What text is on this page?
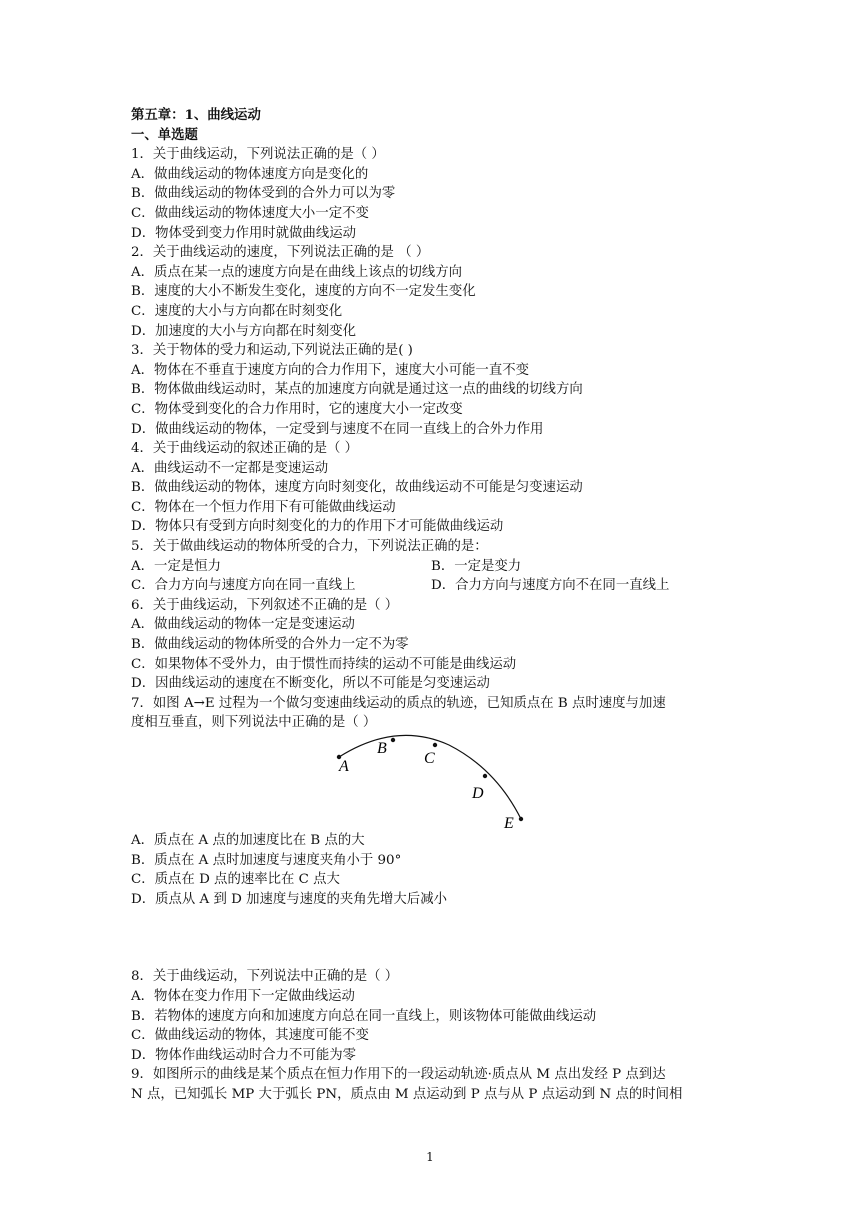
第五章：1、曲线运动
一、单选题
1．关于曲线运动，下列说法正确的是（ ）
A．做曲线运动的物体速度方向是变化的
B．做曲线运动的物体受到的合外力可以为零
C．做曲线运动的物体速度大小一定不变
D．物体受到变力作用时就做曲线运动
2．关于曲线运动的速度，下列说法正确的是 （ ）
A．质点在某一点的速度方向是在曲线上该点的切线方向
B．速度的大小不断发生变化，速度的方向不一定发生变化
C．速度的大小与方向都在时刻变化
D．加速度的大小与方向都在时刻变化
3．关于物体的受力和运动,下列说法正确的是( )
A．物体在不垂直于速度方向的合力作用下，速度大小可能一直不变
B．物体做曲线运动时，某点的加速度方向就是通过这一点的曲线的切线方向
C．物体受到变化的合力作用时，它的速度大小一定改变
D．做曲线运动的物体，一定受到与速度不在同一直线上的合外力作用
4．关于曲线运动的叙述正确的是（ ）
A．曲线运动不一定都是变速运动
B．做曲线运动的物体，速度方向时刻变化，故曲线运动不可能是匀变速运动
C．物体在一个恒力作用下有可能做曲线运动
D．物体只有受到方向时刻变化的力的作用下才可能做曲线运动
5．关于做曲线运动的物体所受的合力，下列说法正确的是：
A．一定是恒力	B．一定是变力
C．合力方向与速度方向在同一直线上	D．合力方向与速度方向不在同一直线上
6．关于曲线运动，下列叙述不正确的是（ ）
A．做曲线运动的物体一定是变速运动
B．做曲线运动的物体所受的合外力一定不为零
C．如果物体不受外力，由于惯性而持续的运动不可能是曲线运动
D．因曲线运动的速度在不断变化，所以不可能是匀变速运动
7．如图 A→E 过程为一个做匀变速曲线运动的质点的轨迹，已知质点在 B 点时速度与加速
度相互垂直，则下列说法中正确的是（ ）
A
B
C
D
E
A．质点在 A 点的加速度比在 B 点的大
B．质点在 A 点时加速度与速度夹角小于 90°
C．质点在 D 点的速率比在 C 点大
D．质点从 A 到 D 加速度与速度的夹角先增大后减小
8．关于曲线运动，下列说法中正确的是（ ）
A．物体在变力作用下一定做曲线运动
B．若物体的速度方向和加速度方向总在同一直线上，则该物体可能做曲线运动
C．做曲线运动的物体，其速度可能不变
D．物体作曲线运动时合力不可能为零
9．如图所示的曲线是某个质点在恒力作用下的一段运动轨迹·质点从 M 点出发经 P 点到达
N 点，已知弧长 MP 大于弧长 PN，质点由 M 点运动到 P 点与从 P 点运动到 N 点的时间相
1
